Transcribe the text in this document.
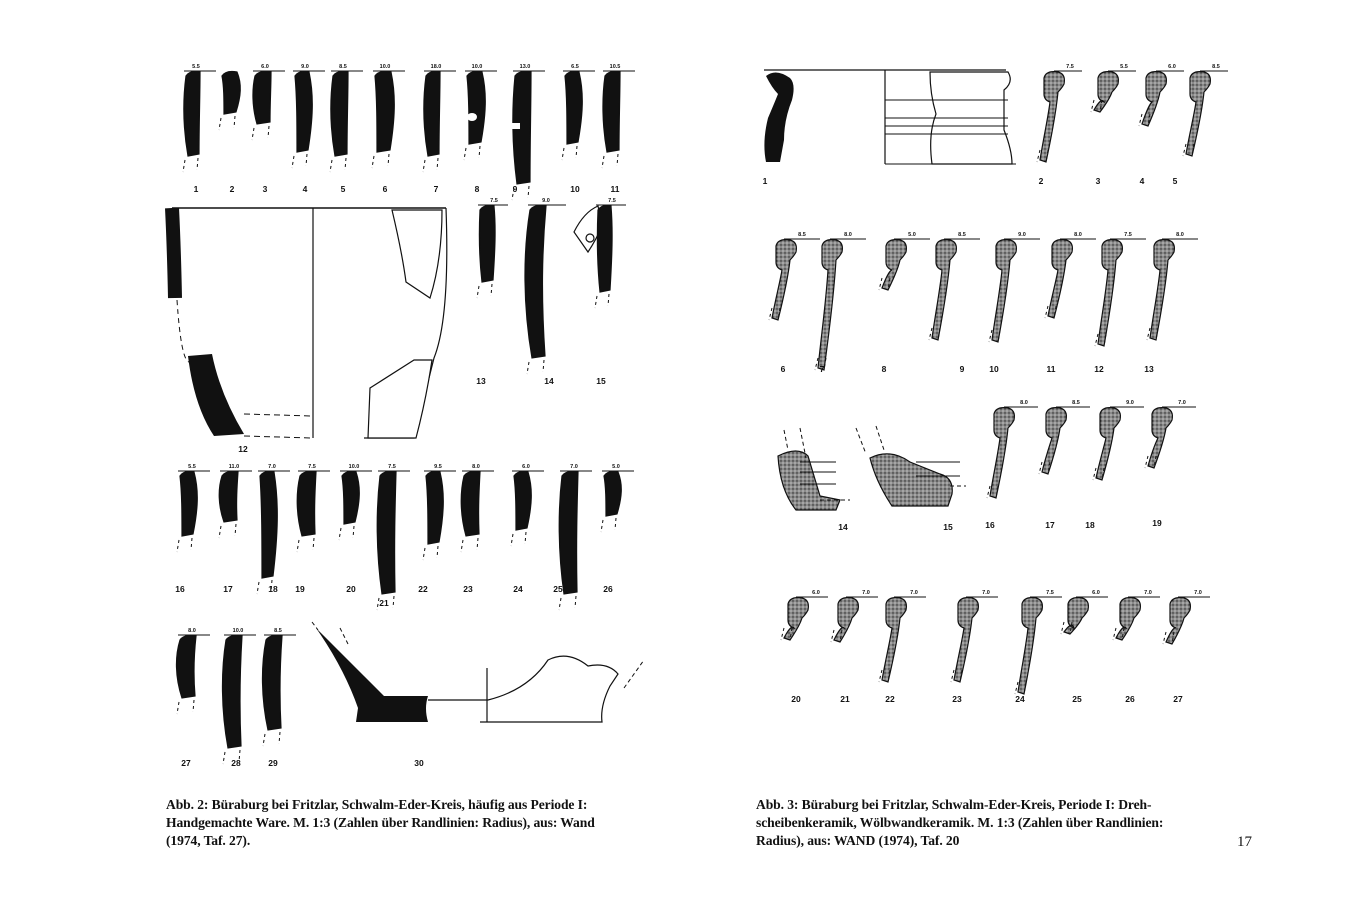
5.5
1	2
6.0
3
9.0
4
8.5
5
10.0
6
18.0
7
10.0
8
13.0
9
6.5
10
10.5
11
12
7.5	9.0	7.5
13	14	15
5.5	11.0	7.0	7.5	10.0	7.5	9.5	8.0	6.0	7.0	5.0
16	17	18 19	20
21
22	23	24	25	26
8.0	10.0	8.5
27	28	29	30
1
7.5	5.5	6.0	8.5
2	3	4	5
8.5	8.0	5.0	8.5	9.0	8.0	7.5	8.0
6	7	8	9	10	11	12	13
14	15
8.0	8.5	9.0	7.0
16	17	18	19
6.0	7.0	7.0	7.0	7.5	6.0	7.0	7.0
20	21	22	23	24	25	26	27
Abb. 2: Büraburg bei Fritzlar, Schwalm-Eder-Kreis, häufig aus Periode I:
Handgemachte Ware. M. 1:3 (Zahlen über Randlinien: Radius), aus: Wand
(1974, Taf. 27).
Abb. 3: Büraburg bei Fritzlar, Schwalm-Eder-Kreis, Periode I: Dreh-
scheibenkeramik, Wölbwandkeramik. M. 1:3 (Zahlen über Randlinien:
Radius), aus: WAND (1974), Taf. 20	17
